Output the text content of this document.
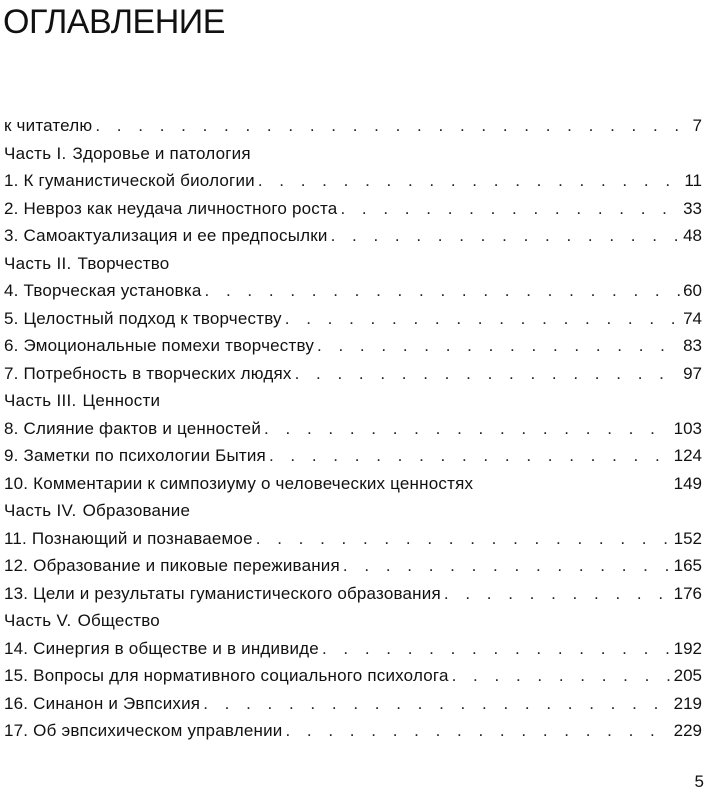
ОГЛАВЛЕНИЕ
к читателю . . .	7
Часть I. Здоровье и патология
1. К гуманистической биологии . . .	11
2. Невроз как неудача личностного роста . . .	33
3. Самоактуализация и ее предпосылки . . .	48
Часть II. Творчество
4. Творческая установка . . .	60
5. Целостный подход к творчеству . . .	74
6. Эмоциональные помехи творчеству . . .	83
7. Потребность в творческих людях . . .	97
Часть III. Ценности
8. Слияние фактов и ценностей . . .	103
9. Заметки по психологии Бытия . . .	124
10. Комментарии к симпозиуму о человеческих ценностях	149
Часть IV. Образование
11. Познающий и познаваемое . . .	152
12. Образование и пиковые переживания . . .	165
13. Цели и результаты гуманистического образования . . .	176
Часть V. Общество
14. Синергия в обществе и в индивиде . . .	192
15. Вопросы для нормативного социального психолога . . .	205
16. Синанон и Эвпсихия . . .	219
17. Об эвпсихическом управлении . . .	229
5
